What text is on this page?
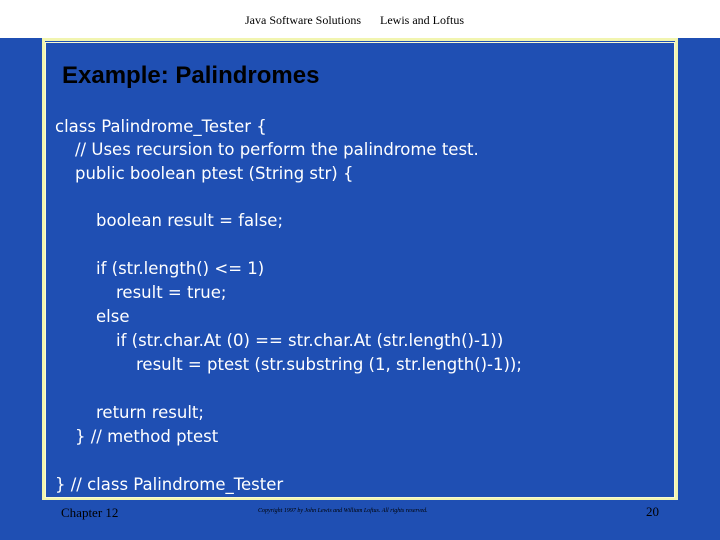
Java Software Solutions Lewis and Loftus
Example: Palindromes
class Palindrome_Tester {
// Uses recursion to perform the palindrome test.
public boolean ptest (String str) {
boolean result = false;
if (str.length() <= 1)
result = true;
else
if (str.char.At (0) == str.char.At (str.length()-1))
result = ptest (str.substring (1, str.length()-1));
return result;
} // method ptest
} // class Palindrome_Tester
Chapter 12	Copyright 1997 by John Lewis and William Loftus. All rights reserved.	20
